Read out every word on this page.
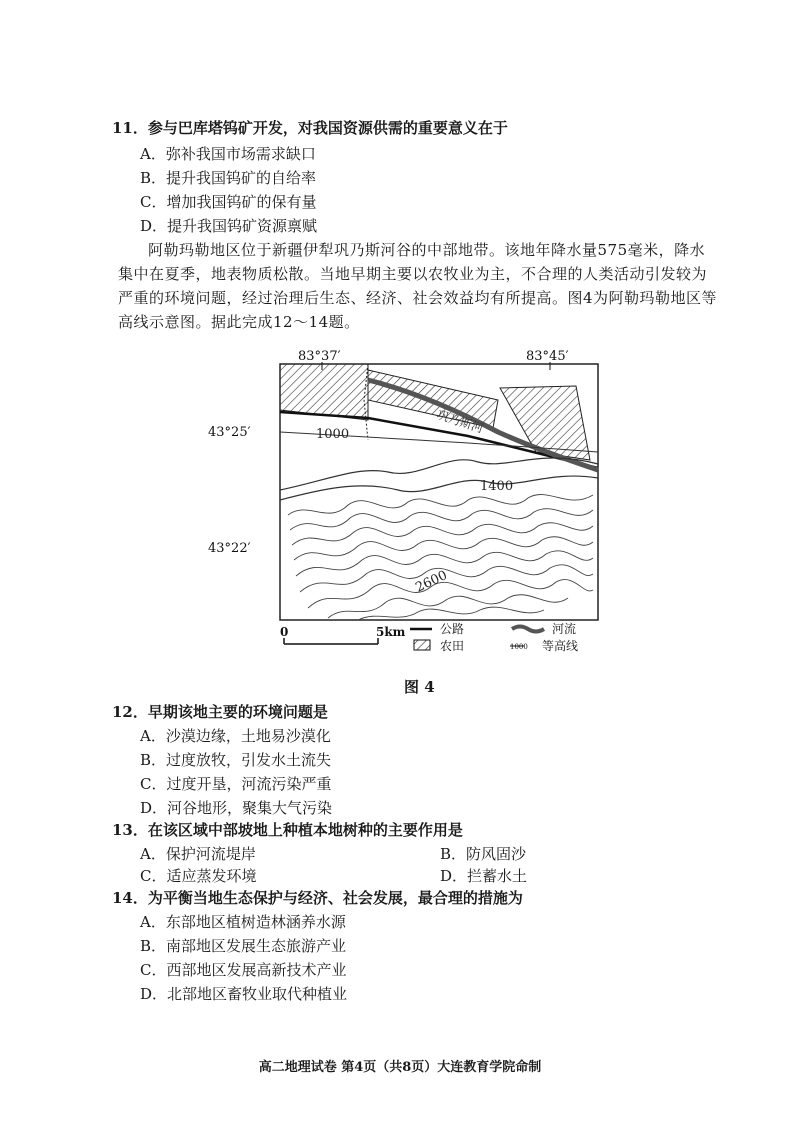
11．参与巴库塔钨矿开发，对我国资源供需的重要意义在于
A．弥补我国市场需求缺口
B．提升我国钨矿的自给率
C．增加我国钨矿的保有量
D．提升我国钨矿资源禀赋
阿勒玛勒地区位于新疆伊犁巩乃斯河谷的中部地带。该地年降水量575毫米，降水集中在夏季，地表物质松散。当地早期主要以农牧业为主，不合理的人类活动引发较为严重的环境问题，经过治理后生态、经济、社会效益均有所提高。图4为阿勒玛勒地区等高线示意图。据此完成12～14题。
巩乃斯河
1000
1400
2600
83°37′	83°45′
43°25′
43°22′
0	5km	公路	河流
农田	1000 等高线
图 4
12．早期该地主要的环境问题是
A．沙漠边缘，土地易沙漠化
B．过度放牧，引发水土流失
C．过度开垦，河流污染严重
D．河谷地形，聚集大气污染
13．在该区域中部坡地上种植本地树种的主要作用是
A．保护河流堤岸	B．防风固沙
C．适应蒸发环境	D．拦蓄水土
14．为平衡当地生态保护与经济、社会发展，最合理的措施为
A．东部地区植树造林涵养水源
B．南部地区发展生态旅游产业
C．西部地区发展高新技术产业
D．北部地区畜牧业取代种植业
高二地理试卷 第4页（共8页）大连教育学院命制
